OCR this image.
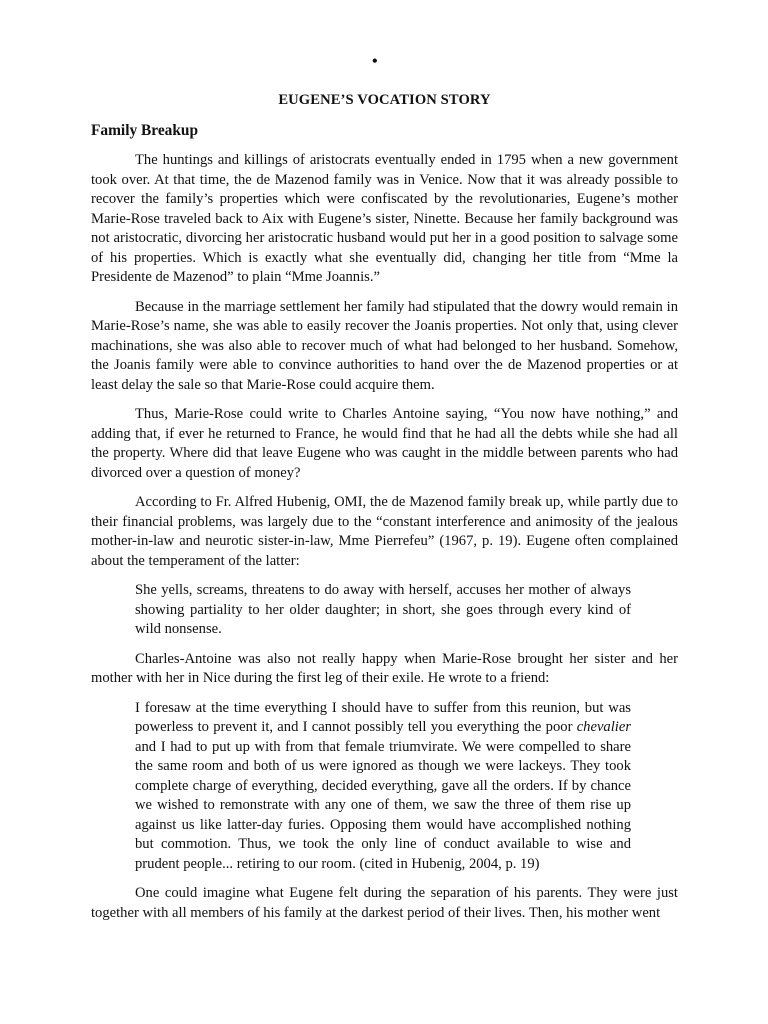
•
EUGENE’S VOCATION STORY
Family Breakup

The huntings and killings of aristocrats eventually ended in 1795 when a new government took over. At that time, the de Mazenod family was in Venice. Now that it was already possible to recover the family’s properties which were confiscated by the revolutionaries, Eugene’s mother Marie-Rose traveled back to Aix with Eugene’s sister, Ninette. Because her family background was not aristocratic, divorcing her aristocratic husband would put her in a good position to salvage some of his properties. Which is exactly what she eventually did, changing her title from “Mme la Presidente de Mazenod” to plain “Mme Joannis.”

Because in the marriage settlement her family had stipulated that the dowry would remain in Marie-Rose’s name, she was able to easily recover the Joanis properties. Not only that, using clever machinations, she was also able to recover much of what had belonged to her husband. Somehow, the Joanis family were able to convince authorities to hand over the de Mazenod properties or at least delay the sale so that Marie-Rose could acquire them.

Thus, Marie-Rose could write to Charles Antoine saying, “You now have nothing,” and adding that, if ever he returned to France, he would find that he had all the debts while she had all the property. Where did that leave Eugene who was caught in the middle between parents who had divorced over a question of money?

According to Fr. Alfred Hubenig, OMI, the de Mazenod family break up, while partly due to their financial problems, was largely due to the “constant interference and animosity of the jealous mother-in-law and neurotic sister-in-law, Mme Pierrefeu” (1967, p. 19). Eugene often complained about the temperament of the latter:

She yells, screams, threatens to do away with herself, accuses her mother of always
showing partiality to her older daughter; in short, she goes through every kind of
wild nonsense.

Charles-Antoine was also not really happy when Marie-Rose brought her sister and her mother with her in Nice during the first leg of their exile. He wrote to a friend:

I foresaw at the time everything I should have to suffer from this reunion, but was
powerless to prevent it, and I cannot possibly tell you everything the poor chevalier
and I had to put up with from that female triumvirate. We were compelled to share
the same room and both of us were ignored as though we were lackeys. They took
complete charge of everything, decided everything, gave all the orders. If by chance
we wished to remonstrate with any one of them, we saw the three of them rise up
against us like latter-day furies. Opposing them would have accomplished nothing
but commotion. Thus, we took the only line of conduct available to wise and
prudent people... retiring to our room. (cited in Hubenig, 2004, p. 19)

One could imagine what Eugene felt during the separation of his parents. They were just together with all members of his family at the darkest period of their lives. Then, his mother went
